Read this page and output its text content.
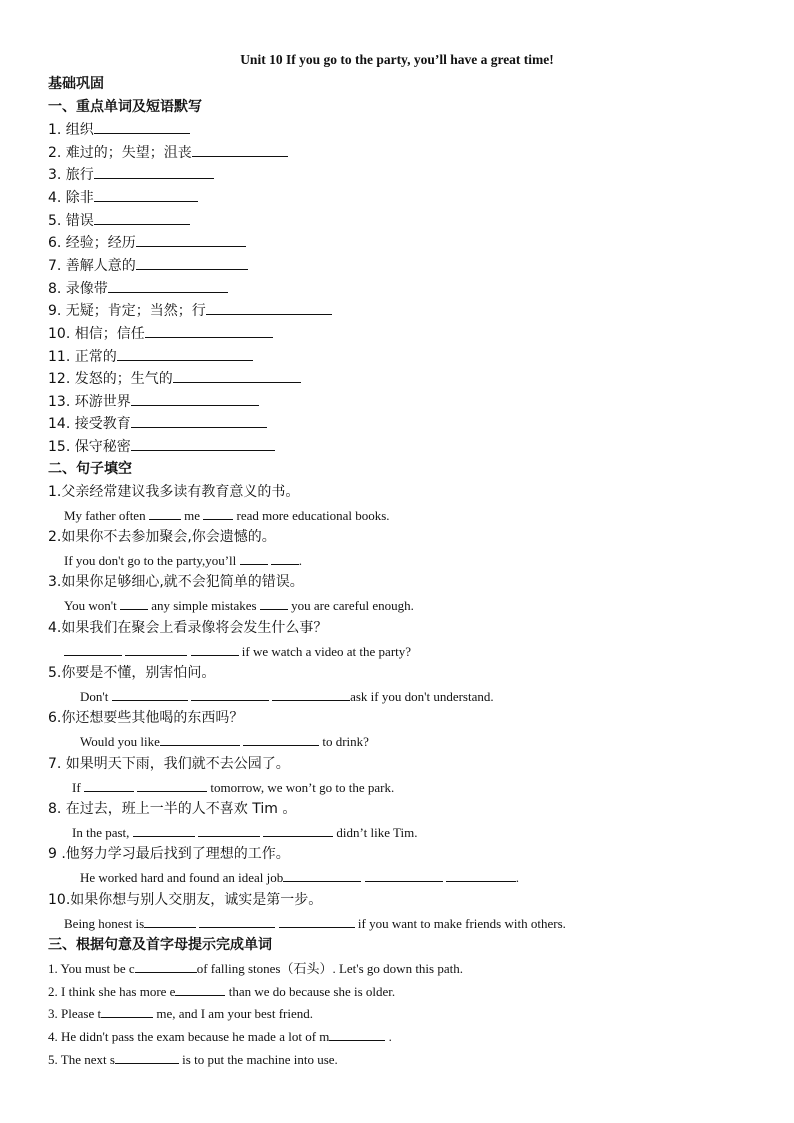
Unit 10 If you go to the party, you’ll have a great time!
基础巩固
一、重点单词及短语默写
1. 组织
2. 难过的；失望；沮丧
3. 旅行
4. 除非
5. 错误
6. 经验；经历
7. 善解人意的
8. 录像带
9. 无疑；肯定；当然；行
10. 相信；信任
11. 正常的
12. 发怒的；生气的
13. 环游世界
14. 接受教育
15. 保守秘密
二、句子填空
1.父亲经常建议我多读有教育意义的书。
My father often  me  read more educational books.
2.如果你不去参加聚会,你会遗憾的。
If you don't go to the party,you’ll	.
3.如果你足够细心,就不会犯简单的错误。
You won't  any simple mistakes  you are careful enough.
4.如果我们在聚会上看录像将会发生什么事？
if we watch a video at the party?
5.你要是不懂，别害怕问。
Don't	ask if you don't understand.
6.你还想要些其他喝的东西吗？
Would you like	to drink?
7. 如果明天下雨，我们就不去公园了。
If	tomorrow, we won’t go to the park.
8. 在过去，班上一半的人不喜欢 Tim 。
In the past,	didn’t like Tim.
9 .他努力学习最后找到了理想的工作。
He worked hard and found an ideal job	.
10.如果你想与别人交朋友，诚实是第一步。
Being honest is	if you want to make friends with others.
三、根据句意及首字母提示完成单词
1. You must be c	of falling stones（石头）. Let's go down this path.
2. I think she has more e	than we do because she is older.
3. Please t	me, and I am your best friend.
4. He didn't pass the exam because he made a lot of m	.
5. The next s	is to put the machine into use.
